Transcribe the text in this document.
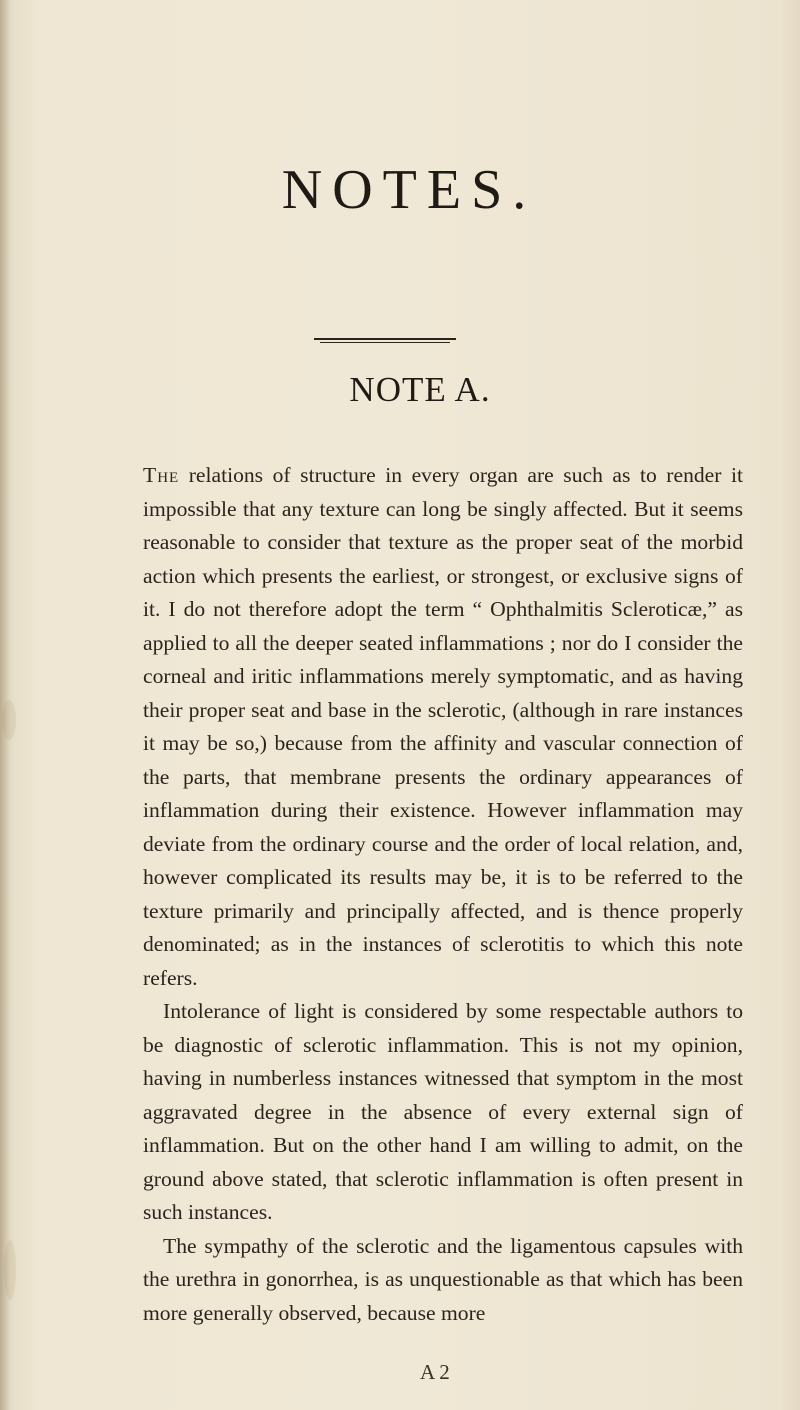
NOTES.
NOTE A.

The relations of structure in every organ are such as to render it impossible that any texture can long be singly affected. But it seems reasonable to consider that texture as the proper seat of the morbid action which presents the earliest, or strongest, or exclusive signs of it. I do not therefore adopt the term “ Ophthalmitis Scleroticæ,” as applied to all the deeper seated inflammations ; nor do I consider the corneal and iritic inflammations merely symptomatic, and as having their proper seat and base in the sclerotic, (although in rare instances it may be so,) because from the affinity and vascular connection of the parts, that membrane presents the ordinary appearances of inflammation during their existence. However inflammation may deviate from the ordinary course and the order of local relation, and, however complicated its results may be, it is to be referred to the texture primarily and principally affected, and is thence properly denominated; as in the instances of sclerotitis to which this note refers.

Intolerance of light is considered by some respectable authors to be diagnostic of sclerotic inflammation. This is not my opinion, having in numberless instances witnessed that symptom in the most aggravated degree in the absence of every external sign of inflammation. But on the other hand I am willing to admit, on the ground above stated, that sclerotic inflammation is often present in such instances.

The sympathy of the sclerotic and the ligamentous capsules with the urethra in gonorrhea, is as unquestionable as that which has been more generally observed, because more

A 2
